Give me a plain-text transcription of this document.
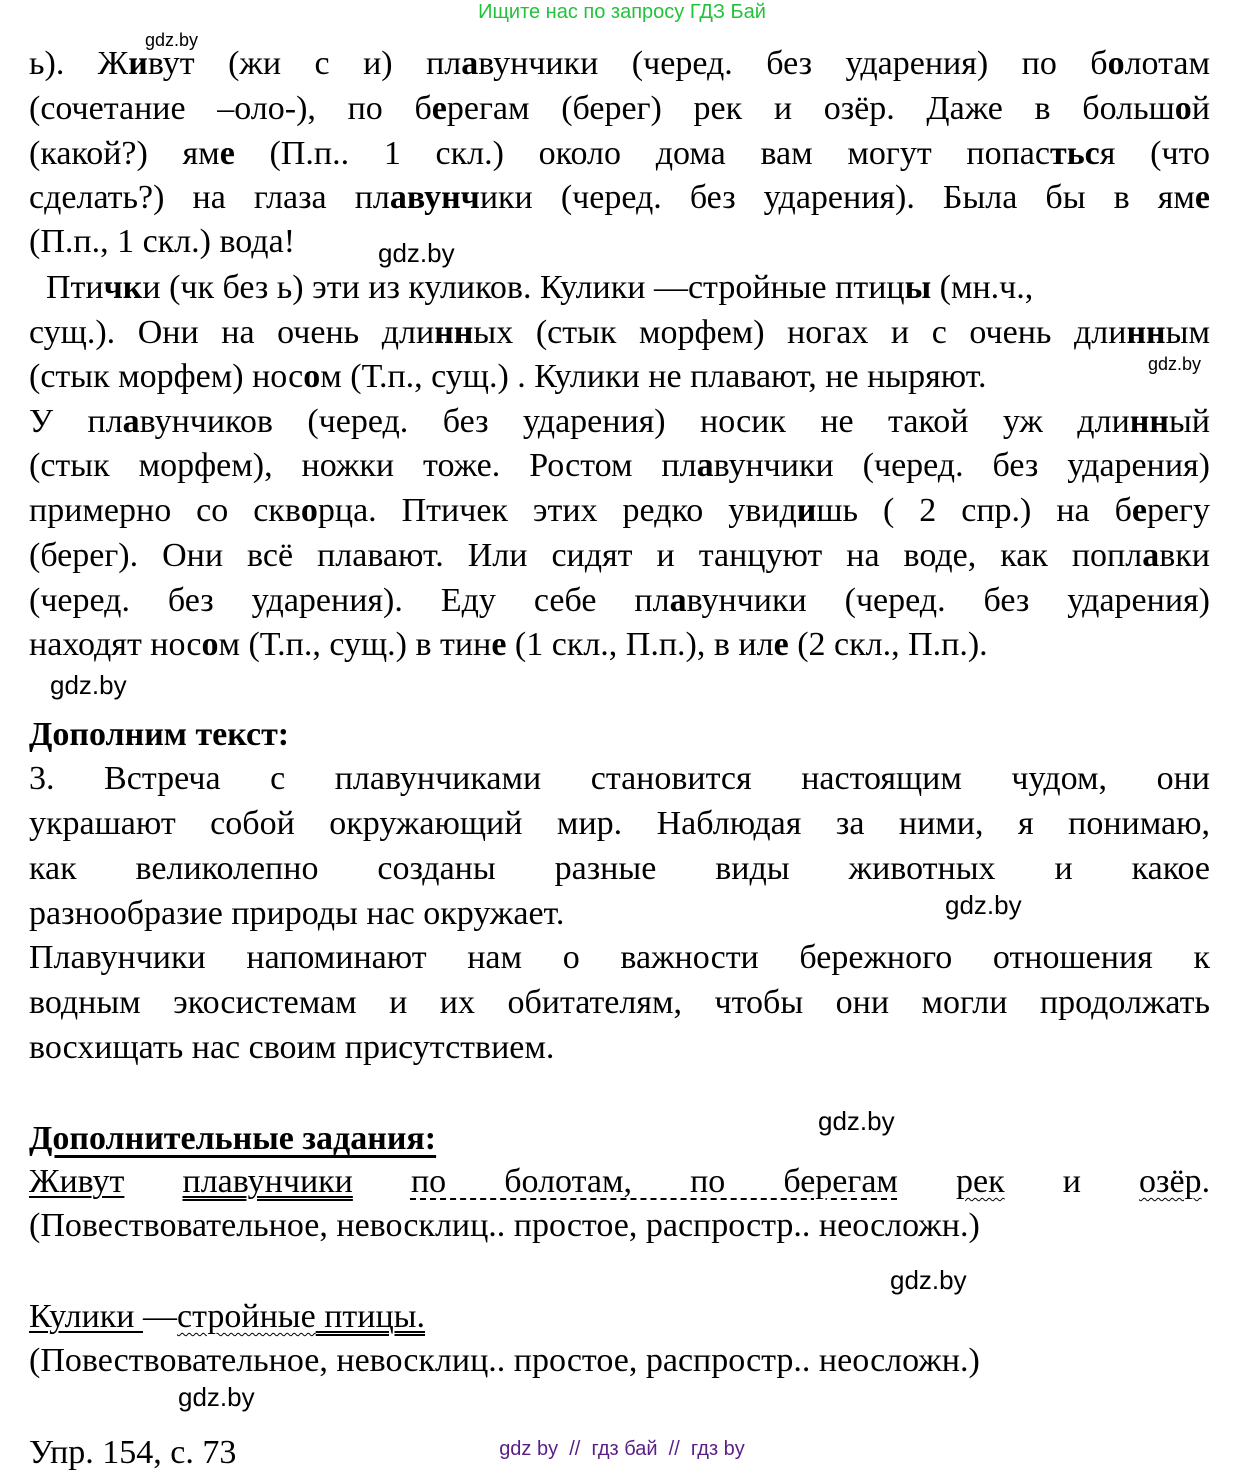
Ищите нас по запросу ГДЗ Бай
gdz.by
gdz.by
gdz.by
gdz.by
gdz.by
gdz.by
gdz.by
gdz.by
ь). Живут (жи с и) плавунчики (черед. без ударения) по болотам
(сочетание –оло-), по берегам (берег) рек и озёр. Даже в большой
(какой?) яме (П.п.. 1 скл.) около дома вам могут попасться (что
сделать?) на глаза плавунчики (черед. без ударения). Была бы в яме
(П.п., 1 скл.) вода!
Птички (чк без ь) эти из куликов. Кулики —стройные птицы (мн.ч.,
сущ.). Они на очень длинных (стык морфем) ногах и с очень длинным
(стык морфем) носом (Т.п., сущ.) . Кулики не плавают, не ныряют.
У плавунчиков (черед. без ударения) носик не такой уж длинный
(стык морфем), ножки тоже. Ростом плавунчики (черед. без ударения)
примерно со скворца. Птичек этих редко увидишь ( 2 спр.) на берегу
(берег). Они всё плавают. Или сидят и танцуют на воде, как поплавки
(черед. без ударения). Еду себе плавунчики (черед. без ударения)
находят носом (Т.п., сущ.) в тине (1 скл., П.п.), в иле (2 скл., П.п.).
Дополним текст:
3. Встреча с плавунчиками становится настоящим чудом, они
украшают собой окружающий мир. Наблюдая за ними, я понимаю,
как великолепно созданы разные виды животных и какое
разнообразие природы нас окружает.
Плавунчики напоминают нам о важности бережного отношения к
водным экосистемам и их обитателям, чтобы они могли продолжать
восхищать нас своим присутствием.
Дополнительные задания:
Живут плавунчики по болотам, по берегам рек и озёр.
(Повествовательное, невосклиц.. простое, распростр.. неосложн.)
Кулики —стройные птицы.
(Повествовательное, невосклиц.. простое, распростр.. неосложн.)
Упр. 154, с. 73	gdz by  //  гдз бай  //  гдз by
